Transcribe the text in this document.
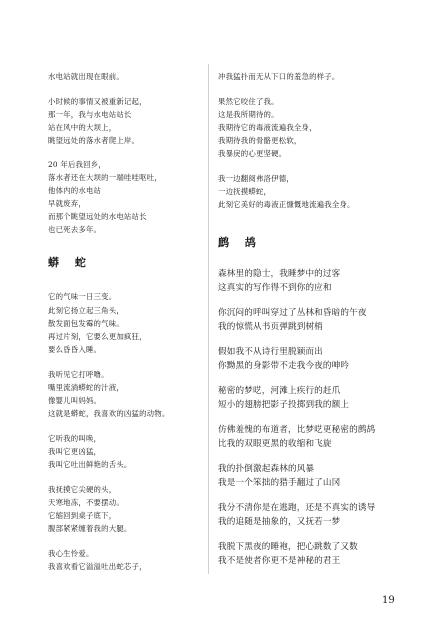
水电站就出现在眼前。
小时候的事情又被重新记起，
那一年，我与水电站站长
站在风中的大坝上，
眺望远处的落水者爬上岸。
20 年后我回乡，
落水者还在大坝的一端哇哇呕吐，
他体内的水电站
早就废弃，
而那个眺望远处的水电站站长
也已死去多年。
蟒 蛇
它的气味一日三变。
此刻它扬立起三角头，
散发面包发霉的气味。
再过片刻，它要么更加疯狂，
要么昏昏入睡。
我听见它打呼噜。
嘴里流淌蟒蛇的汁液，
像婴儿叫妈妈。
这就是蟒蛇，我喜欢的凶猛的动物。
它听我的叫唤，
我叫它更凶猛，
我叫它吐出鲜艳的舌头。
我抚摸它尖硬的头，
天寒地冻，不要摆动。
它缩回到桌子底下，
腹部紧紧缠着我的大腿。
我心生怜爱。
我喜欢看它溢溢吐出蛇芯子，
冲我猛扑而无从下口的羞急的样子。
果然它咬住了我。
这是我所期待的。
我期待它的毒液流遍我全身，
我期待我的骨骼更松软，
我暴戾的心更坚硬。
我一边翻阅弗洛伊德，
一边抚摸蟒蛇，
此刻它美好的毒液正慷慨地流遍我全身。
鹧 鸪
森林里的隐士，我睡梦中的过客
这真实的写作得不到你的应和
你沉闷的呼叫穿过了丛林和昏暗的午夜
我的惊慌从书页弹跳到树梢
假如我不从诗行里脱颖而出
你黝黑的身影带不走我今夜的呻吟
秘密的梦呓，河滩上疾行的赶爪
短小的翅膀把影子投掷到我的额上
仿佛羞愧的布道者，比梦呓更秘密的鹧鸪
比我的双眼更黑的收缩和飞旋
我的扑倒激起森林的风暴
我是一个笨拙的猎手翻过了山冈
我分不清你是在逃跑，还是不真实的诱导
我的追随是抽象的，又抚若一梦
我脱下黑夜的睡袍，把心跳数了又数
我不是使者你更不是神秘的君王
19
